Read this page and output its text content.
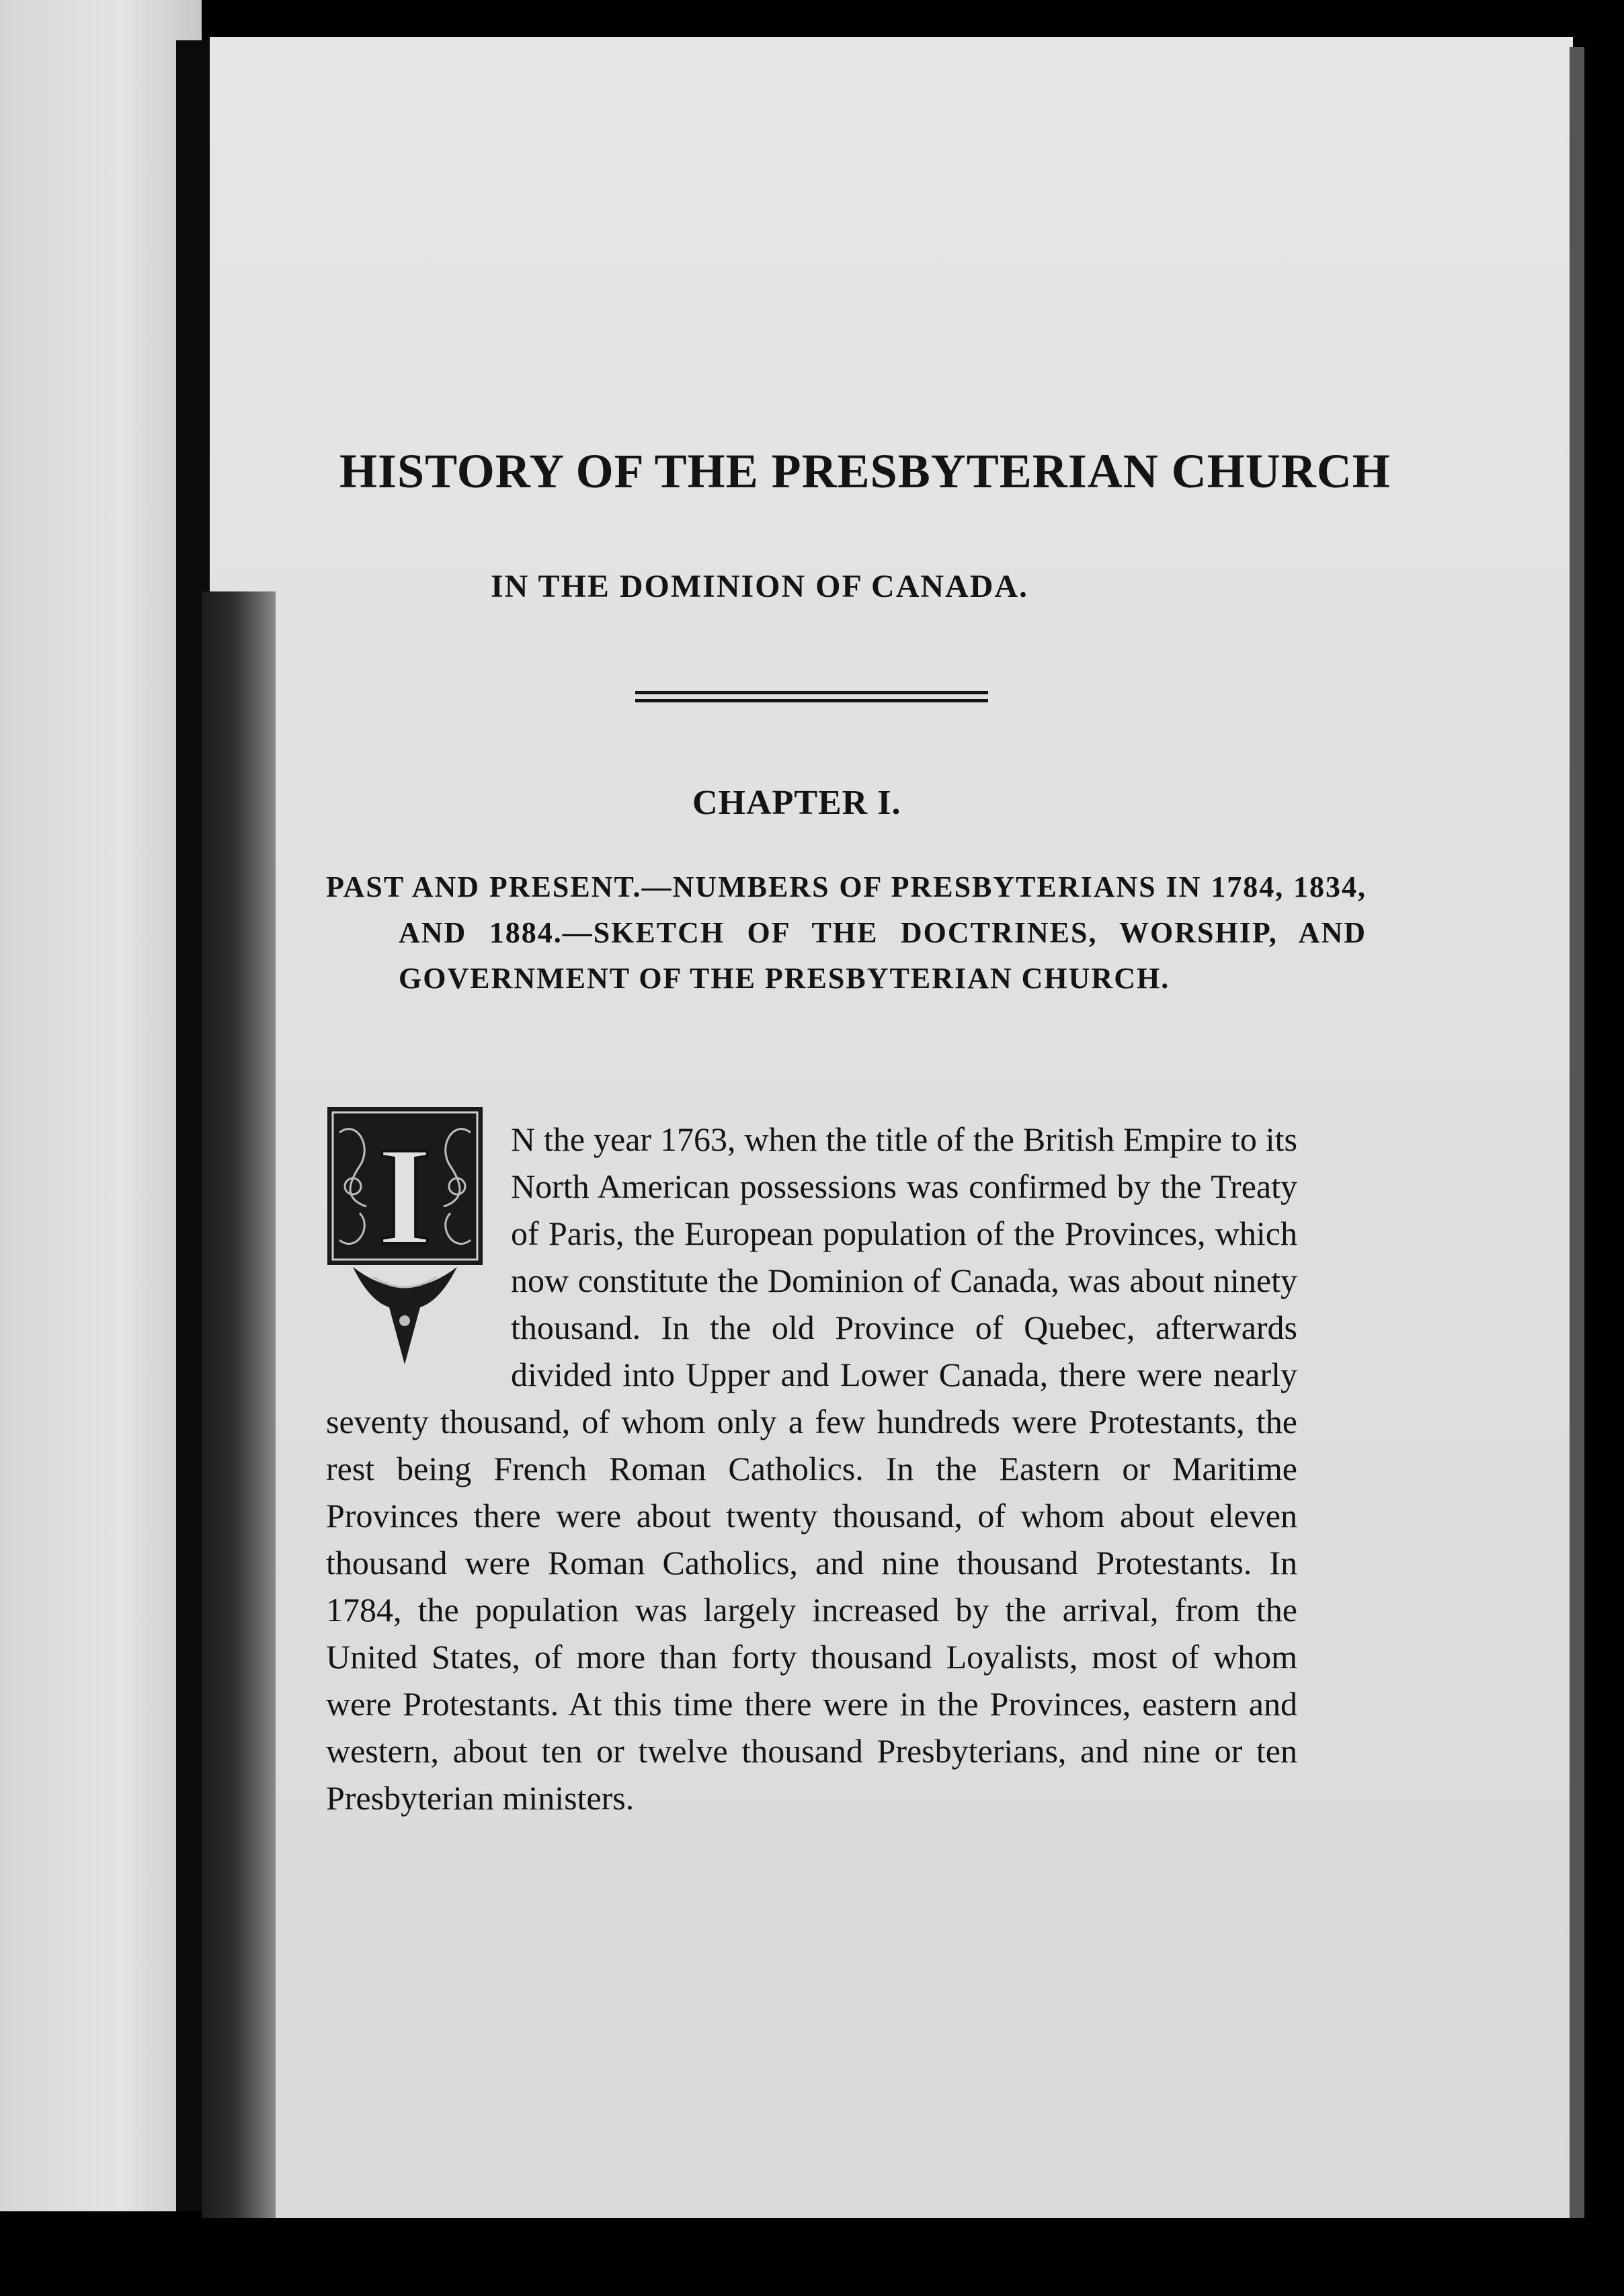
HISTORY OF THE PRESBYTERIAN CHURCH
IN THE DOMINION OF CANADA.
CHAPTER I.
PAST AND PRESENT.—NUMBERS OF PRESBYTERIANS IN 1784, 1834, AND 1884.—SKETCH OF THE DOCTRINES, WORSHIP, AND GOVERNMENT OF THE PRESBYTERIAN CHURCH.
I	N the year 1763, when the title of the British Empire to its North American possessions was confirmed by the Treaty of Paris, the European population of the Provinces, which now constitute the Dominion of Canada, was about ninety thousand. In the old Province of Quebec, afterwards divided into Upper and Lower Canada, there were nearly seventy thousand, of whom only a few hundreds were Protestants, the rest being French Roman Catholics. In the Eastern or Maritime Provinces there were about twenty thousand, of whom about eleven thousand were Roman Catholics, and nine thousand Protestants. In 1784, the population was largely increased by the arrival, from the United States, of more than forty thousand Loyalists, most of whom were Protestants. At this time there were in the Provinces, eastern and western, about ten or twelve thousand Presbyterians, and nine or ten Presbyterian ministers.
